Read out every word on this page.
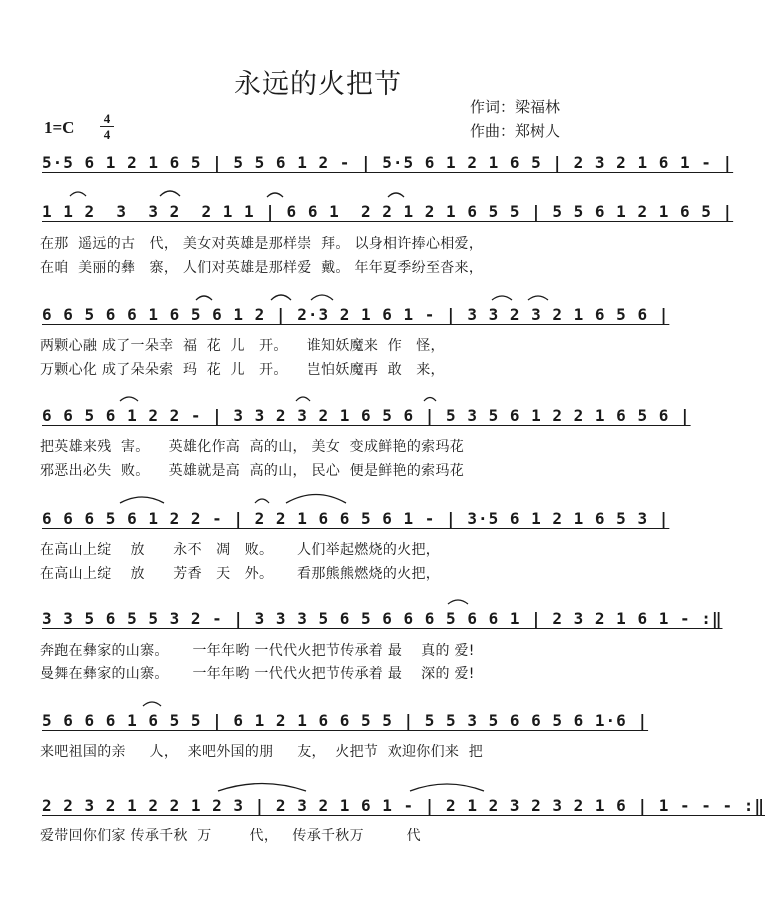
永远的火把节
作词：梁福林
作曲：郑树人
1=C 4
4
5·5 6 1 2 1 6 5 | 5 5 6 1 2 - | 5·5 6 1 2 1 6 5 | 2 3 2 1 6 1 - |
1 1 2  3  3 2  2 1 1 | 6 6 1  2 2 1 2 1 6 5 5 | 5 5 6 1 2 1 6 5 |
在那  遥远的古   代， 美女对英雄是那样崇  拜。 以身相许捧心相爱，
在咱  美丽的彝   寨， 人们对英雄是那样爱  戴。 年年夏季纷至沓来，
6 6 5 6 6 1 6 5 6 1 2 | 2·3 2 1 6 1 - | 3 3 2 3 2 1 6 5 6 |
两颗心融 成了一朵幸  福  花  儿   开。    谁知妖魔来  作   怪，
万颗心化 成了朵朵索  玛  花  儿   开。    岂怕妖魔再  敢   来，
6 6 5 6 1 2 2 - | 3 3 2 3 2 1 6 5 6 | 5 3 5 6 1 2 2 1 6 5 6 |
把英雄来残  害。    英雄化作高  高的山， 美女  变成鲜艳的索玛花
邪恶出必失  败。    英雄就是高  高的山， 民心  便是鲜艳的索玛花
6 6 6 5 6 1 2 2 - | 2 2 1 6 6 5 6 1 - | 3·5 6 1 2 1 6 5 3 |
在高山上绽    放      永不   凋   败。     人们举起燃烧的火把，
在高山上绽    放      芳香   天   外。     看那熊熊燃烧的火把，
3 3 5 6 5 5 3 2 - | 3 3 3 5 6 5 6 6 6 5 6 6 1 | 2 3 2 1 6 1 - :‖
奔跑在彝家的山寨。     一年年哟 一代代火把节传承着 最    真的 爱!
曼舞在彝家的山寨。     一年年哟 一代代火把节传承着 最    深的 爱!
5 6 6 6 1 6 5 5 | 6 1 2 1 6 6 5 5 | 5 5 3 5 6 6 5 6 1·6 |
来吧祖国的亲     人，  来吧外国的朋     友，  火把节  欢迎你们来  把
2 2 3 2 1 2 2 1 2 3 | 2 3 2 1 6 1 - | 2 1 2 3 2 3 2 1 6 | 1 - - - :‖
爱带回你们家 传承千秋  万        代，   传承千秋万         代
